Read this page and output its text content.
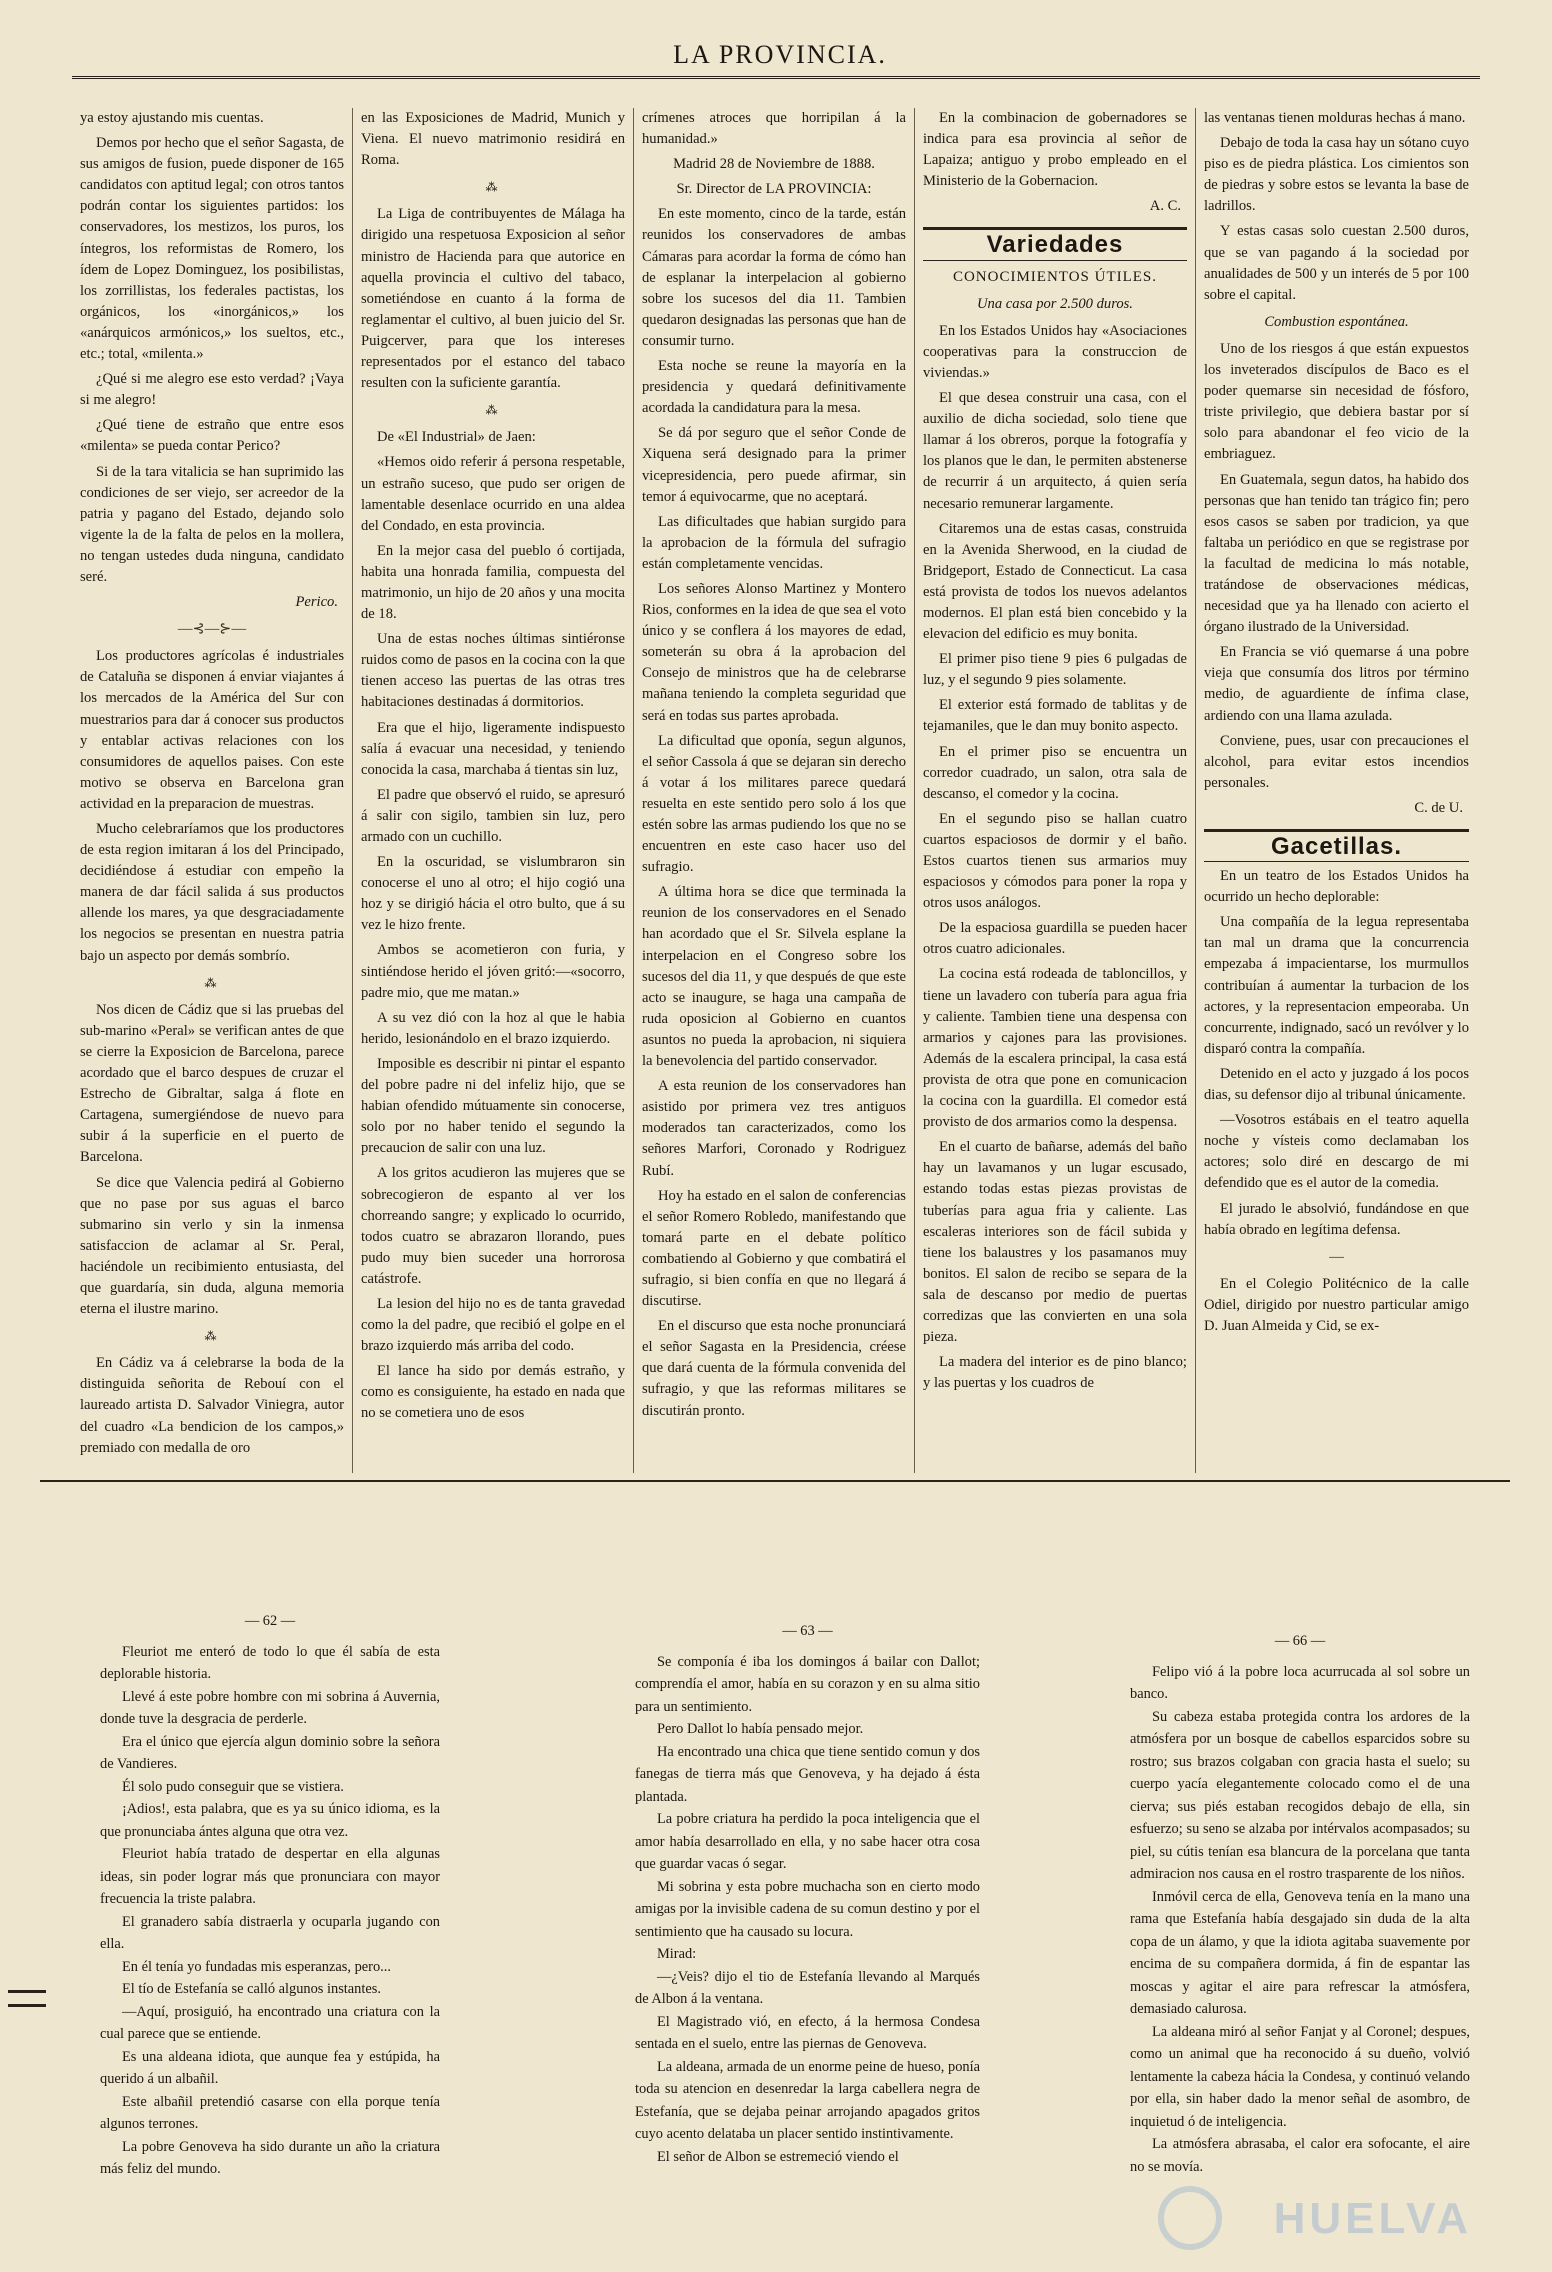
LA PROVINCIA.

ya estoy ajustando mis cuentas.

Demos por hecho que el señor Sagasta, de sus amigos de fusion, puede disponer de 165 candidatos con aptitud legal; con otros tantos podrán contar los siguientes partidos: los conservadores, los mestizos, los puros, los íntegros, los reformistas de Romero, los ídem de Lopez Dominguez, los posibilistas, los zorrillistas, los federales pactistas, los orgánicos, los «inorgánicos,» los «anárquicos armónicos,» los sueltos, etc., etc.; total, «milenta.»

¿Qué si me alegro ese esto verdad? ¡Vaya si me alegro!

¿Qué tiene de estraño que entre esos «milenta» se pueda contar Perico?

Si de la tara vitalicia se han suprimido las condiciones de ser viejo, ser acreedor de la patria y pagano del Estado, dejando solo vigente la de la falta de pelos en la mollera, no tengan ustedes duda ninguna, candidato seré.

Perico.
—⊰—⊱—

Los productores agrícolas é industriales de Cataluña se disponen á enviar viajantes á los mercados de la América del Sur con muestrarios para dar á conocer sus productos y entablar activas relaciones con los consumidores de aquellos paises. Con este motivo se observa en Barcelona gran actividad en la preparacion de muestras.

Mucho celebraríamos que los productores de esta region imitaran á los del Principado, decidiéndose á estudiar con empeño la manera de dar fácil salida á sus productos allende los mares, ya que desgraciadamente los negocios se presentan en nuestra patria bajo un aspecto por demás sombrío.

⁂

Nos dicen de Cádiz que si las pruebas del sub-marino «Peral» se verifican antes de que se cierre la Exposicion de Barcelona, parece acordado que el barco despues de cruzar el Estrecho de Gibraltar, salga á flote en Cartagena, sumergiéndose de nuevo para subir á la superficie en el puerto de Barcelona.

Se dice que Valencia pedirá al Gobierno que no pase por sus aguas el barco submarino sin verlo y sin la inmensa satisfaccion de aclamar al Sr. Peral, haciéndole un recibimiento entusiasta, del que guardaría, sin duda, alguna memoria eterna el ilustre marino.

⁂

En Cádiz va á celebrarse la boda de la distinguida señorita de Rebouí con el laureado artista D. Salvador Viniegra, autor del cuadro «La bendicion de los campos,» premiado con medalla de oro

en las Exposiciones de Madrid, Munich y Viena. El nuevo matrimonio residirá en Roma.

⁂

La Liga de contribuyentes de Málaga ha dirigido una respetuosa Exposicion al señor ministro de Hacienda para que autorice en aquella provincia el cultivo del tabaco, sometiéndose en cuanto á la forma de reglamentar el cultivo, al buen juicio del Sr. Puigcerver, para que los intereses representados por el estanco del tabaco resulten con la suficiente garantía.

⁂

De «El Industrial» de Jaen:

«Hemos oido referir á persona respetable, un estraño suceso, que pudo ser origen de lamentable desenlace ocurrido en una aldea del Condado, en esta provincia.

En la mejor casa del pueblo ó cortijada, habita una honrada familia, compuesta del matrimonio, un hijo de 20 años y una mocita de 18.

Una de estas noches últimas sintiéronse ruidos como de pasos en la cocina con la que tienen acceso las puertas de las otras tres habitaciones destinadas á dormitorios.

Era que el hijo, ligeramente indispuesto salía á evacuar una necesidad, y teniendo conocida la casa, marchaba á tientas sin luz,

El padre que observó el ruido, se apresuró á salir con sigilo, tambien sin luz, pero armado con un cuchillo.

En la oscuridad, se vislumbraron sin conocerse el uno al otro; el hijo cogió una hoz y se dirigió hácia el otro bulto, que á su vez le hizo frente.

Ambos se acometieron con furia, y sintiéndose herido el jóven gritó:—«socorro, padre mio, que me matan.»

A su vez dió con la hoz al que le habia herido, lesionándolo en el brazo izquierdo.

Imposible es describir ni pintar el espanto del pobre padre ni del infeliz hijo, que se habian ofendido mútuamente sin conocerse, solo por no haber tenido el segundo la precaucion de salir con una luz.

A los gritos acudieron las mujeres que se sobrecogieron de espanto al ver los chorreando sangre; y explicado lo ocurrido, todos cuatro se abrazaron llorando, pues pudo muy bien suceder una horrorosa catástrofe.

La lesion del hijo no es de tanta gravedad como la del padre, que recibió el golpe en el brazo izquierdo más arriba del codo.

El lance ha sido por demás estraño, y como es consiguiente, ha estado en nada que no se cometiera uno de esos

crímenes atroces que horripilan á la humanidad.»

Madrid 28 de Noviembre de 1888.
Sr. Director de LA PROVINCIA:

En este momento, cinco de la tarde, están reunidos los conservadores de ambas Cámaras para acordar la forma de cómo han de esplanar la interpelacion al gobierno sobre los sucesos del dia 11. Tambien quedaron designadas las personas que han de consumir turno.

Esta noche se reune la mayoría en la presidencia y quedará definitivamente acordada la candidatura para la mesa.

Se dá por seguro que el señor Conde de Xiquena será designado para la primer vicepresidencia, pero puede afirmar, sin temor á equivocarme, que no aceptará.

Las dificultades que habian surgido para la aprobacion de la fórmula del sufragio están completamente vencidas.

Los señores Alonso Martinez y Montero Rios, conformes en la idea de que sea el voto único y se conflera á los mayores de edad, someterán su obra á la aprobacion del Consejo de ministros que ha de celebrarse mañana teniendo la completa seguridad que será en todas sus partes aprobada.

La dificultad que oponía, segun algunos, el señor Cassola á que se dejaran sin derecho á votar á los militares parece quedará resuelta en este sentido pero solo á los que estén sobre las armas pudiendo los que no se encuentren en este caso hacer uso del sufragio.

A última hora se dice que terminada la reunion de los conservadores en el Senado han acordado que el Sr. Silvela esplane la interpelacion en el Congreso sobre los sucesos del dia 11, y que después de que este acto se inaugure, se haga una campaña de ruda oposicion al Gobierno en cuantos asuntos no pueda la aprobacion, ni siquiera la benevolencia del partido conservador.

A esta reunion de los conservadores han asistido por primera vez tres antiguos moderados tan caracterizados, como los señores Marfori, Coronado y Rodriguez Rubí.

Hoy ha estado en el salon de conferencias el señor Romero Robledo, manifestando que tomará parte en el debate político combatiendo al Gobierno y que combatirá el sufragio, si bien confía en que no llegará á discutirse.

En el discurso que esta noche pronunciará el señor Sagasta en la Presidencia, créese que dará cuenta de la fórmula convenida del sufragio, y que las reformas militares se discutirán pronto.

En la combinacion de gobernadores se indica para esa provincia al señor de Lapaiza; antiguo y probo empleado en el Ministerio de la Gobernacion.

A. C.
Variedades
CONOCIMIENTOS ÚTILES.
Una casa por 2.500 duros.

En los Estados Unidos hay «Asociaciones cooperativas para la construccion de viviendas.»

El que desea construir una casa, con el auxilio de dicha sociedad, solo tiene que llamar á los obreros, porque la fotografía y los planos que le dan, le permiten abstenerse de recurrir á un arquitecto, á quien sería necesario remunerar largamente.

Citaremos una de estas casas, construida en la Avenida Sherwood, en la ciudad de Bridgeport, Estado de Connecticut. La casa está provista de todos los nuevos adelantos modernos. El plan está bien concebido y la elevacion del edificio es muy bonita.

El primer piso tiene 9 pies 6 pulgadas de luz, y el segundo 9 pies solamente.

El exterior está formado de tablitas y de tejamaniles, que le dan muy bonito aspecto.

En el primer piso se encuentra un corredor cuadrado, un salon, otra sala de descanso, el comedor y la cocina.

En el segundo piso se hallan cuatro cuartos espaciosos de dormir y el baño. Estos cuartos tienen sus armarios muy espaciosos y cómodos para poner la ropa y otros usos análogos.

De la espaciosa guardilla se pueden hacer otros cuatro adicionales.

La cocina está rodeada de tabloncillos, y tiene un lavadero con tubería para agua fria y caliente. Tambien tiene una despensa con armarios y cajones para las provisiones. Además de la escalera principal, la casa está provista de otra que pone en comunicacion la cocina con la guardilla. El comedor está provisto de dos armarios como la despensa.

En el cuarto de bañarse, además del baño hay un lavamanos y un lugar escusado, estando todas estas piezas provistas de tuberías para agua fria y caliente. Las escaleras interiores son de fácil subida y tiene los balaustres y los pasamanos muy bonitos. El salon de recibo se separa de la sala de descanso por medio de puertas corredizas que las convierten en una sola pieza.

La madera del interior es de pino blanco; y las puertas y los cuadros de

las ventanas tienen molduras hechas á mano.

Debajo de toda la casa hay un sótano cuyo piso es de piedra plástica. Los cimientos son de piedras y sobre estos se levanta la base de ladrillos.

Y estas casas solo cuestan 2.500 duros, que se van pagando á la sociedad por anualidades de 500 y un interés de 5 por 100 sobre el capital.

Combustion espontánea.

Uno de los riesgos á que están expuestos los inveterados discípulos de Baco es el poder quemarse sin necesidad de fósforo, triste privilegio, que debiera bastar por sí solo para abandonar el feo vicio de la embriaguez.

En Guatemala, segun datos, ha habido dos personas que han tenido tan trágico fin; pero esos casos se saben por tradicion, ya que faltaba un periódico en que se registrase por la facultad de medicina lo más notable, tratándose de observaciones médicas, necesidad que ya ha llenado con acierto el órgano ilustrado de la Universidad.

En Francia se vió quemarse á una pobre vieja que consumía dos litros por término medio, de aguardiente de ínfima clase, ardiendo con una llama azulada.

Conviene, pues, usar con precauciones el alcohol, para evitar estos incendios personales.

C. de U.
Gacetillas.

En un teatro de los Estados Unidos ha ocurrido un hecho deplorable:

Una compañía de la legua representaba tan mal un drama que la concurrencia empezaba á impacientarse, los murmullos contribuían á aumentar la turbacion de los actores, y la representacion empeoraba. Un concurrente, indignado, sacó un revólver y lo disparó contra la compañía.

Detenido en el acto y juzgado á los pocos dias, su defensor dijo al tribunal únicamente.

—Vosotros estábais en el teatro aquella noche y vísteis como declamaban los actores; solo diré en descargo de mi defendido que es el autor de la comedia.

El jurado le absolvió, fundándose en que había obrado en legítima defensa.

—

En el Colegio Politécnico de la calle Odiel, dirigido por nuestro particular amigo D. Juan Almeida y Cid, se ex-

— 62 —

Fleuriot me enteró de todo lo que él sabía de esta deplorable historia.

Llevé á este pobre hombre con mi sobrina á Auvernia, donde tuve la desgracia de perderle.

Era el único que ejercía algun dominio sobre la señora de Vandieres.

Él solo pudo conseguir que se vistiera.

¡Adios!, esta palabra, que es ya su único idioma, es la que pronunciaba ántes alguna que otra vez.

Fleuriot había tratado de despertar en ella algunas ideas, sin poder lograr más que pronunciara con mayor frecuencia la triste palabra.

El granadero sabía distraerla y ocuparla jugando con ella.

En él tenía yo fundadas mis esperanzas, pero...

El tío de Estefanía se calló algunos instantes.

—Aquí, prosiguió, ha encontrado una criatura con la cual parece que se entiende.

Es una aldeana idiota, que aunque fea y estúpida, ha querido á un albañil.

Este albañil pretendió casarse con ella porque tenía algunos terrones.

La pobre Genoveva ha sido durante un año la criatura más feliz del mundo.

— 63 —

Se componía é iba los domingos á bailar con Dallot; comprendía el amor, había en su corazon y en su alma sitio para un sentimiento.

Pero Dallot lo había pensado mejor.

Ha encontrado una chica que tiene sentido comun y dos fanegas de tierra más que Genoveva, y ha dejado á ésta plantada.

La pobre criatura ha perdido la poca inteligencia que el amor había desarrollado en ella, y no sabe hacer otra cosa que guardar vacas ó segar.

Mi sobrina y esta pobre muchacha son en cierto modo amigas por la invisible cadena de su comun destino y por el sentimiento que ha causado su locura.

Mirad:

—¿Veis? dijo el tio de Estefanía llevando al Marqués de Albon á la ventana.

El Magistrado vió, en efecto, á la hermosa Condesa sentada en el suelo, entre las piernas de Genoveva.

La aldeana, armada de un enorme peine de hueso, ponía toda su atencion en desenredar la larga cabellera negra de Estefanía, que se dejaba peinar arrojando apagados gritos cuyo acento delataba un placer sentido instintivamente.

El señor de Albon se estremeció viendo el

— 66 —

Felipo vió á la pobre loca acurrucada al sol sobre un banco.

Su cabeza estaba protegida contra los ardores de la atmósfera por un bosque de cabellos esparcidos sobre su rostro; sus brazos colgaban con gracia hasta el suelo; su cuerpo yacía elegantemente colocado como el de una cierva; sus piés estaban recogidos debajo de ella, sin esfuerzo; su seno se alzaba por intérvalos acompasados; su piel, su cútis tenían esa blancura de la porcelana que tanta admiracion nos causa en el rostro trasparente de los niños.

Inmóvil cerca de ella, Genoveva tenía en la mano una rama que Estefanía había desgajado sin duda de la alta copa de un álamo, y que la idiota agitaba suavemente por encima de su compañera dormida, á fin de espantar las moscas y agitar el aire para refrescar la atmósfera, demasiado calurosa.

La aldeana miró al señor Fanjat y al Coronel; despues, como un animal que ha reconocido á su dueño, volvió lentamente la cabeza hácia la Condesa, y continuó velando por ella, sin haber dado la menor señal de asombro, de inquietud ó de inteligencia.

La atmósfera abrasaba, el calor era sofocante, el aire no se movía.

HUELVA
